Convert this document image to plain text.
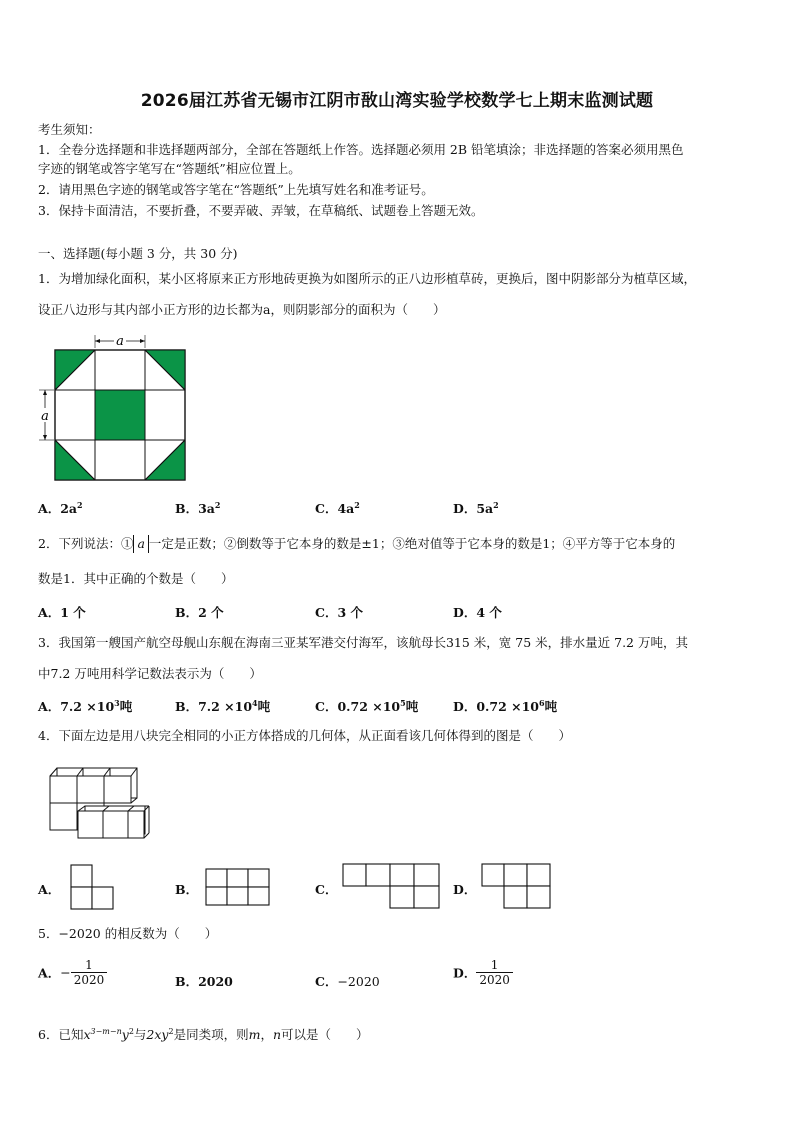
2026届江苏省无锡市江阴市敔山湾实验学校数学七上期末监测试题
考生须知：
1．全卷分选择题和非选择题两部分，全部在答题纸上作答。选择题必须用 2B 铅笔填涂；非选择题的答案必须用黑色
字迹的钢笔或答字笔写在“答题纸”相应位置上。
2．请用黑色字迹的钢笔或答字笔在“答题纸”上先填写姓名和准考证号。
3．保持卡面清洁，不要折叠，不要弄破、弄皱，在草稿纸、试题卷上答题无效。
一、选择题(每小题 3 分，共 30 分)
1．为增加绿化面积，某小区将原来正方形地砖更换为如图所示的正八边形植草砖，更换后，图中阴影部分为植草区域，
设正八边形与其内部小正方形的边长都为a，则阴影部分的面积为（　　）
a
a
A．$2a^2$	B．$3a^2$	C．$4a^2$	D．$5a^2$
2．下列说法：① a 一定是正数；②倒数等于它本身的数是±1；③绝对值等于它本身的数是1；④平方等于它本身的
数是1．其中正确的个数是（　　）
A．1 个	B．2 个	C．3 个	D．4 个
3．我国第一艘国产航空母舰山东舰在海南三亚某军港交付海军，该航母长315 米，宽 75 米，排水量近 7.2 万吨，其
中7.2 万吨用科学记数法表示为（　　）
A．$7.2 \times 10^3$吨	B．$7.2 \times 10^4$吨	C．$0.72 \times 10^5$吨	D．$0.72 \times 10^6$吨
4．下面左边是用八块完全相同的小正方体搭成的几何体，从正面看该几何体得到的图是（　　）
A．	B．	C．	D．
5．−2020 的相反数为（　　）
A．− $\frac{1}{2020}$	B．2020	C．−2020
D． $\frac{1}{2020}$
6．已知$x^{3-m-n}y^2$与$2xy^2$是同类项，则m，n可以是（　　）
